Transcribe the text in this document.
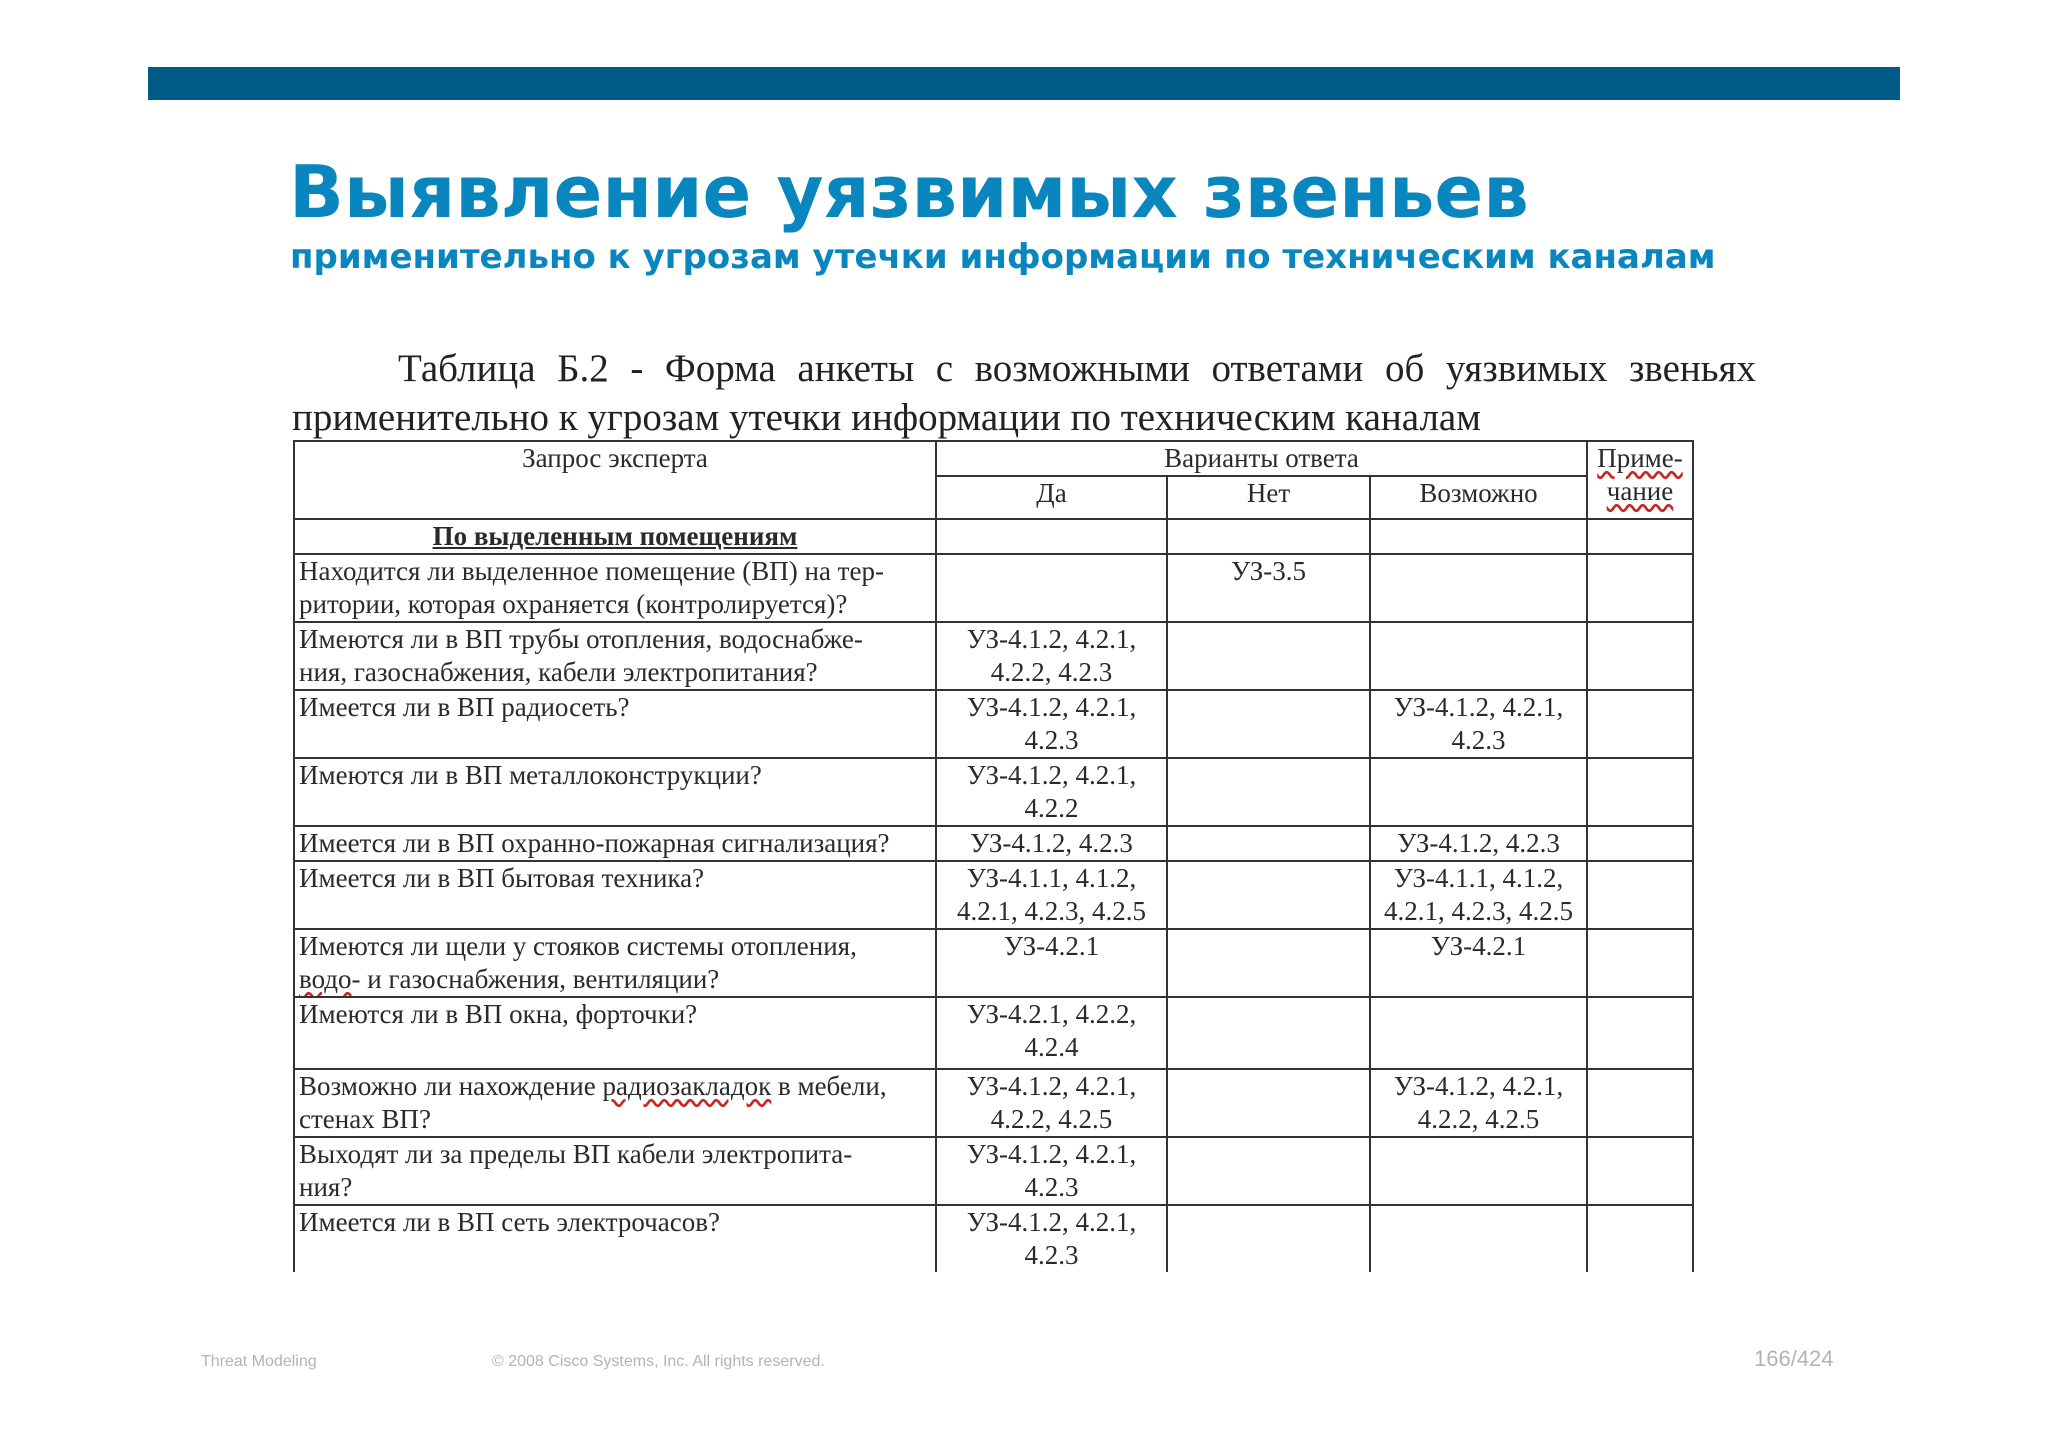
Выявление уязвимых звеньев
применительно к угрозам утечки информации по техническим каналам

Таблица Б.2 - Форма анкеты с возможными ответами об уязвимых звеньях
применительно к угрозам утечки информации по техническим каналам

Запрос эксперта	Варианты ответа			Приме-
чание
	Да	Нет	Возможно	
По выделенным помещениям				
Находится ли выделенное помещение (ВП) на тер-
ритории, которая охраняется (контролируется)?		УЗ-3.5

Имеются ли в ВП трубы отопления, водоснабже-
ния, газоснабжения, кабели электропитания?	УЗ-4.1.2, 4.2.1,
4.2.2, 4.2.3	

Имеется ли в ВП радиосеть?	УЗ-4.1.2, 4.2.1,
4.2.3		УЗ-4.1.2, 4.2.1,
4.2.3	
Имеются ли в ВП металлоконструкции?	УЗ-4.1.2, 4.2.1,
4.2.2	

Имеется ли в ВП охранно-пожарная сигнализация?	УЗ-4.1.2, 4.2.3		УЗ-4.1.2, 4.2.3	
Имеется ли в ВП бытовая техника?	УЗ-4.1.1, 4.1.2,
4.2.1, 4.2.3, 4.2.5		УЗ-4.1.1, 4.1.2,
4.2.1, 4.2.3, 4.2.5	
Имеются ли щели у стояков системы отопления,
водо- и газоснабжения, вентиляции?	УЗ-4.2.1		УЗ-4.2.1

Имеются ли в ВП окна, форточки?	УЗ-4.2.1, 4.2.2,
4.2.4	

Возможно ли нахождение радиозакладок в мебели,
стенах ВП?	УЗ-4.1.2, 4.2.1,
4.2.2, 4.2.5		УЗ-4.1.2, 4.2.1,
4.2.2, 4.2.5	
Выходят ли за пределы ВП кабели электропита-
ния?	УЗ-4.1.2, 4.2.1,
4.2.3	

Имеется ли в ВП сеть электрочасов?	УЗ-4.1.2, 4.2.1,
4.2.3	

Threat Modeling	© 2008 Cisco Systems, Inc. All rights reserved.	166/424
